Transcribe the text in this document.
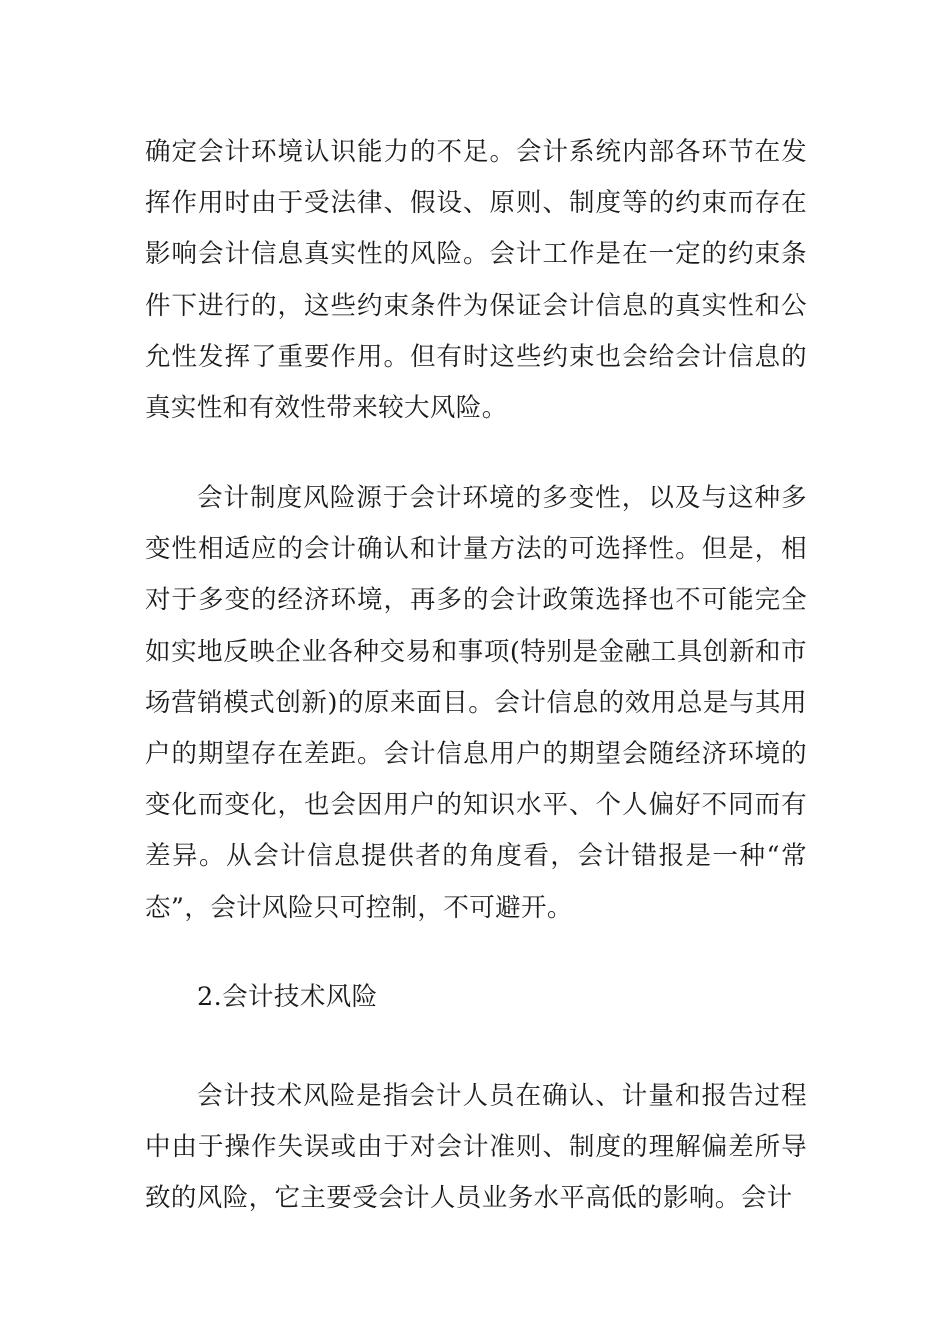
确定会计环境认识能力的不足。会计系统内部各环节在发挥作用时由于受法律、假设、原则、制度等的约束而存在影响会计信息真实性的风险。会计工作是在一定的约束条件下进行的，这些约束条件为保证会计信息的真实性和公允性发挥了重要作用。但有时这些约束也会给会计信息的真实性和有效性带来较大风险。

会计制度风险源于会计环境的多变性，以及与这种多变性相适应的会计确认和计量方法的可选择性。但是，相对于多变的经济环境，再多的会计政策选择也不可能完全如实地反映企业各种交易和事项(特别是金融工具创新和市场营销模式创新)的原来面目。会计信息的效用总是与其用户的期望存在差距。会计信息用户的期望会随经济环境的变化而变化，也会因用户的知识水平、个人偏好不同而有差异。从会计信息提供者的角度看，会计错报是一种“常态”，会计风险只可控制，不可避开。

2.会计技术风险

会计技术风险是指会计人员在确认、计量和报告过程中由于操作失误或由于对会计准则、制度的理解偏差所导致的风险，它主要受会计人员业务水平高低的影响。会计
